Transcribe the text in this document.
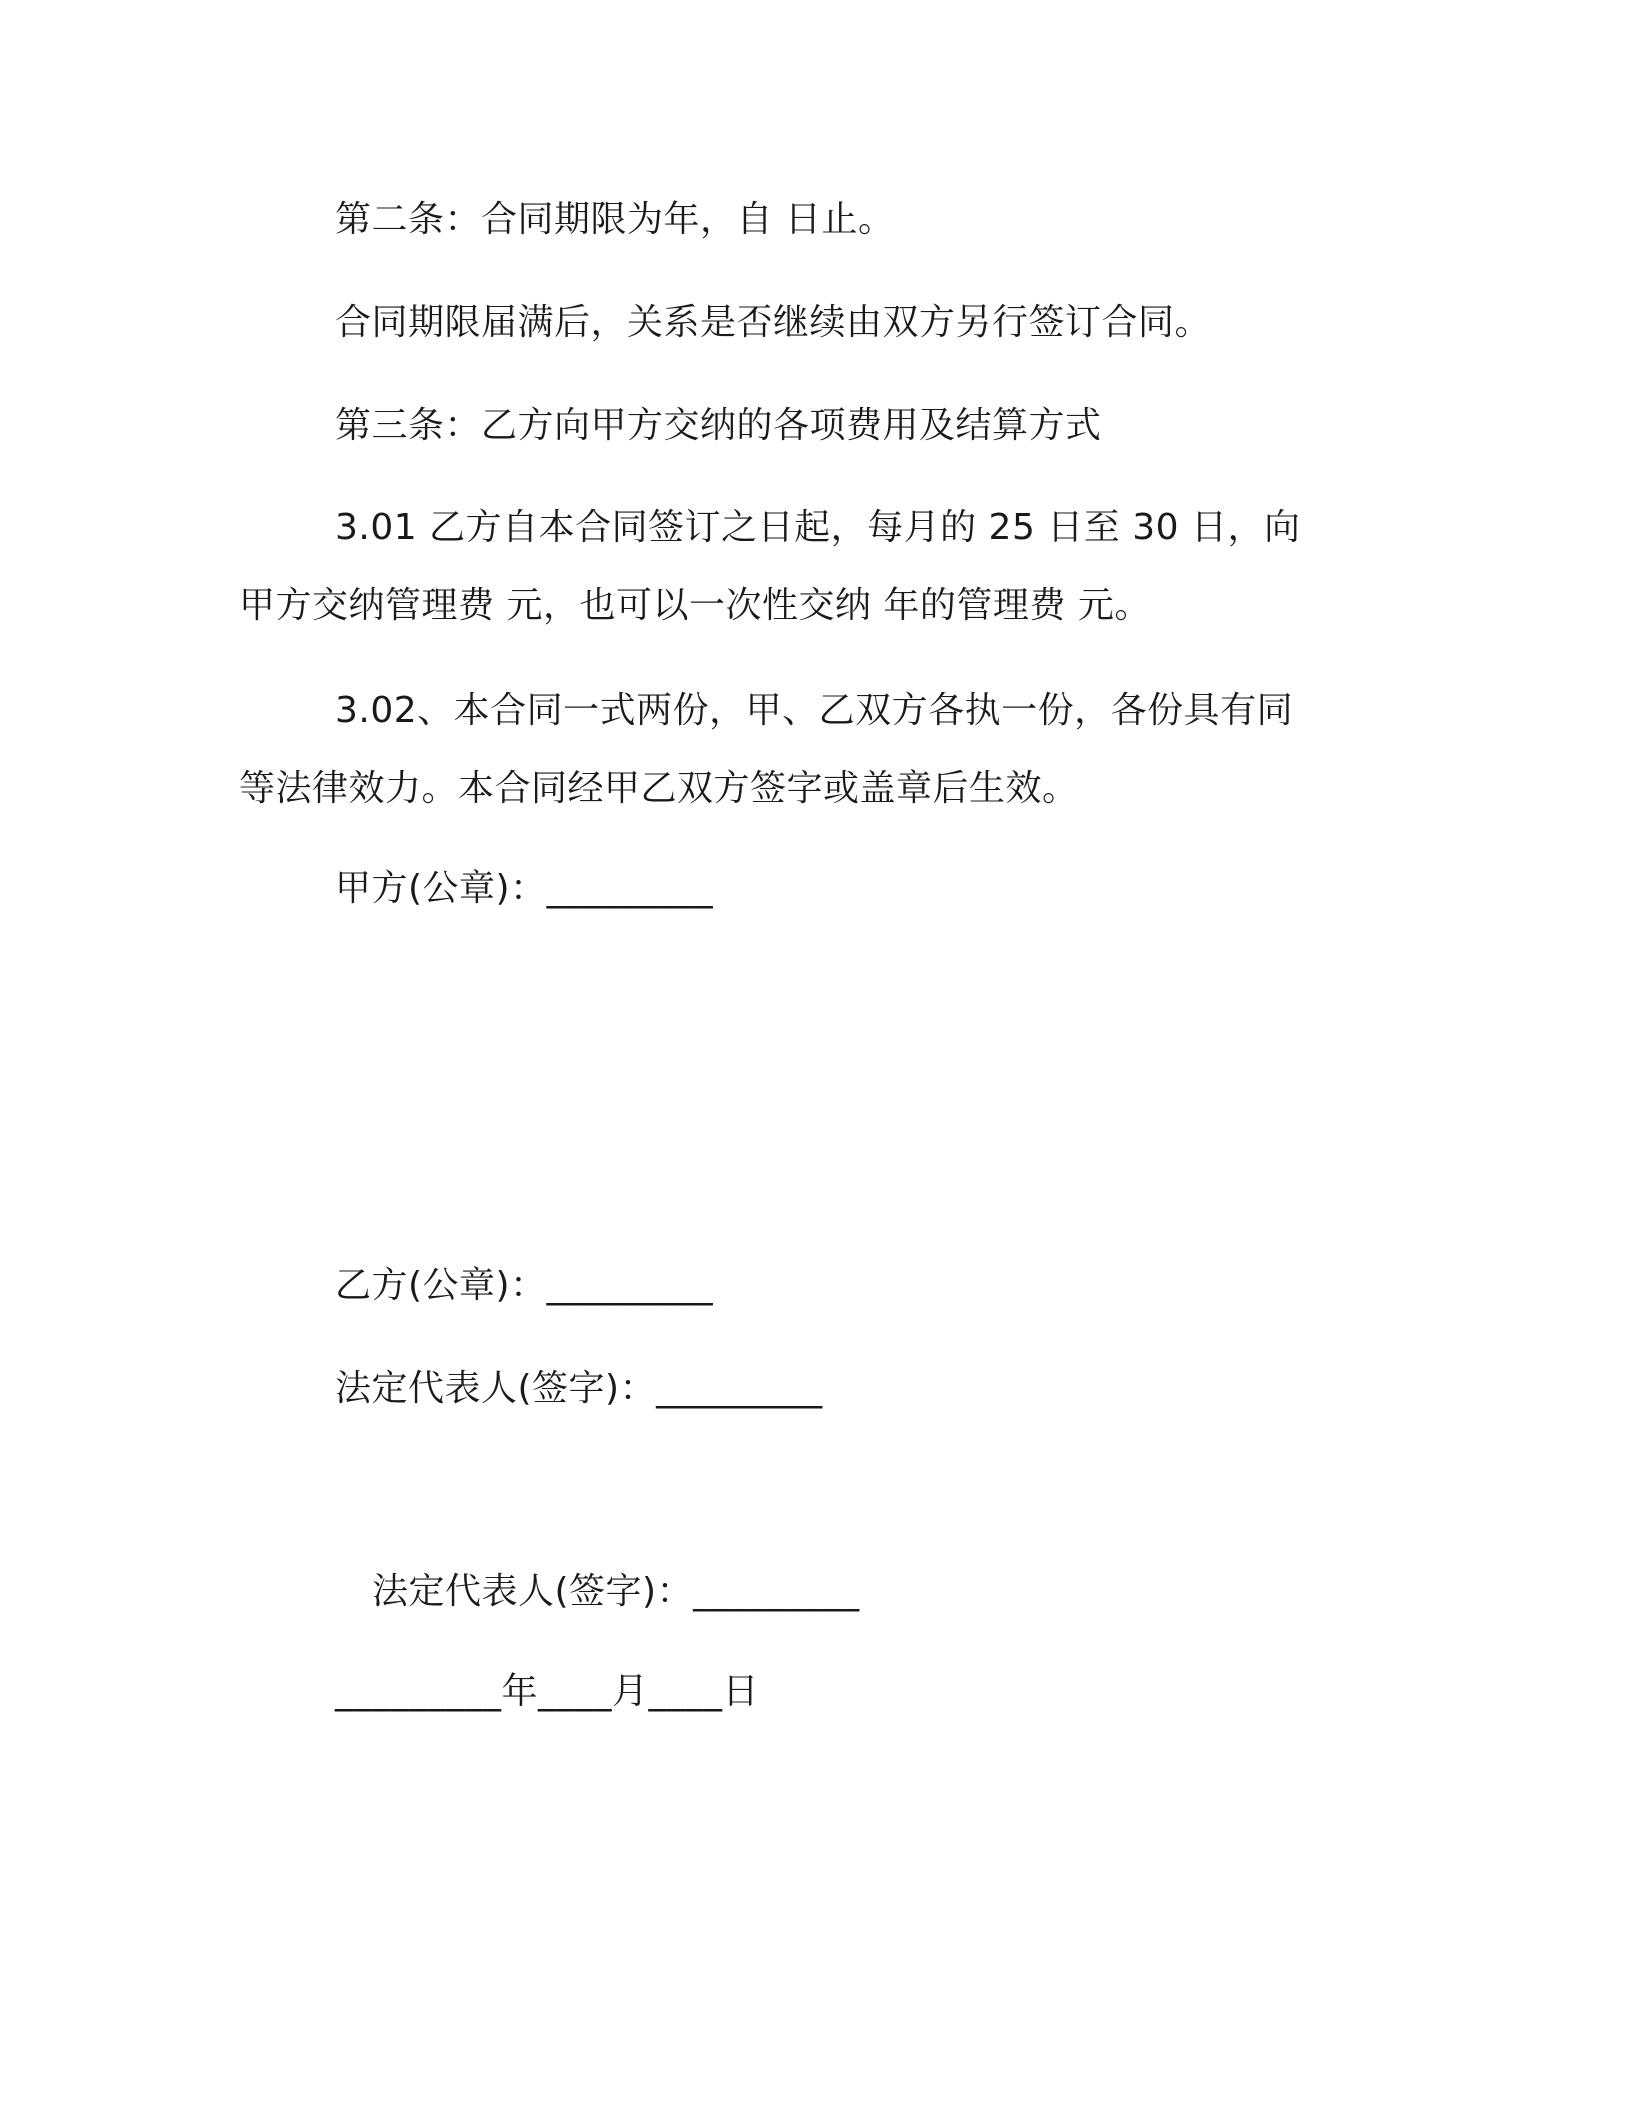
第二条：合同期限为年，自 日止。
合同期限届满后，关系是否继续由双方另行签订合同。
第三条：乙方向甲方交纳的各项费用及结算方式
3.01 乙方自本合同签订之日起，每月的 25 日至 30 日，向甲方交纳管理费 元，也可以一次性交纳 年的管理费 元。
3.02、本合同一式两份，甲、乙双方各执一份，各份具有同等法律效力。本合同经甲乙双方签字或盖章后生效。
甲方(公章)：_________
乙方(公章)：_________
法定代表人(签字)：_________
法定代表人(签字)：_________
_________年____月____日
